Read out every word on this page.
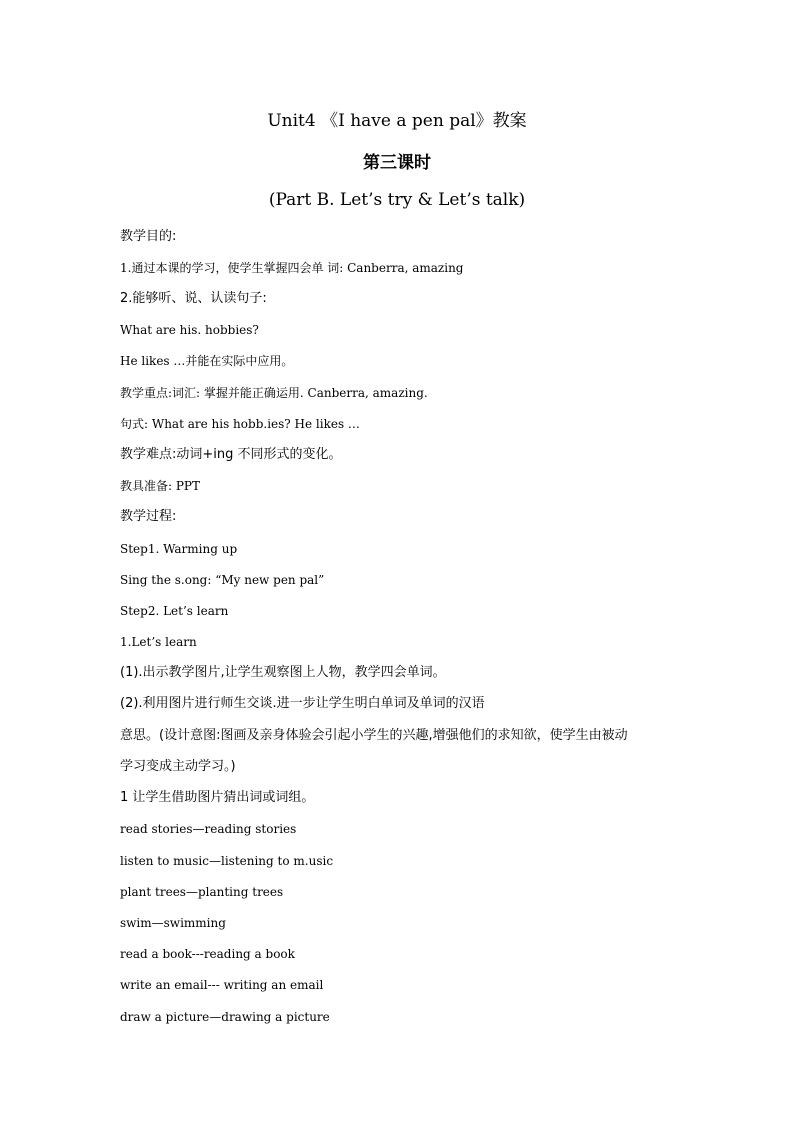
Unit4 《I have a pen pal》教案
第三课时
(Part B. Let’s try & Let’s talk)
教学目的:
1.通过本课的学习，使学生掌握四会单 词: Canberra, amazing
2.能够听、说、认读句子:
What are his. hobbies?
He likes …并能在实际中应用。
教学重点:词汇: 掌握并能正确运用. Canberra, amazing.
句式: What are his hobb.ies? He likes …
教学难点:动词+ing 不同形式的变化。
教具准备: PPT
教学过程:
Step1. Warming up
Sing the s.ong: “My new pen pal”
Step2. Let’s learn
1.Let’s learn
(1).出示教学图片,让学生观察图上人物，教学四会单词。
(2).利用图片进行师生交谈.进一步让学生明白单词及单词的汉语
意思。(设计意图:图画及亲身体验会引起小学生的兴趣,增强他们的求知欲，使学生由被动
学习变成主动学习。)
1 让学生借助图片猜出词或词组。
read stories—reading stories
listen to music—listening to m.usic
plant trees—planting trees
swim—swimming
read a book---reading a book
write an email--- writing an email
draw a picture—drawing a picture
